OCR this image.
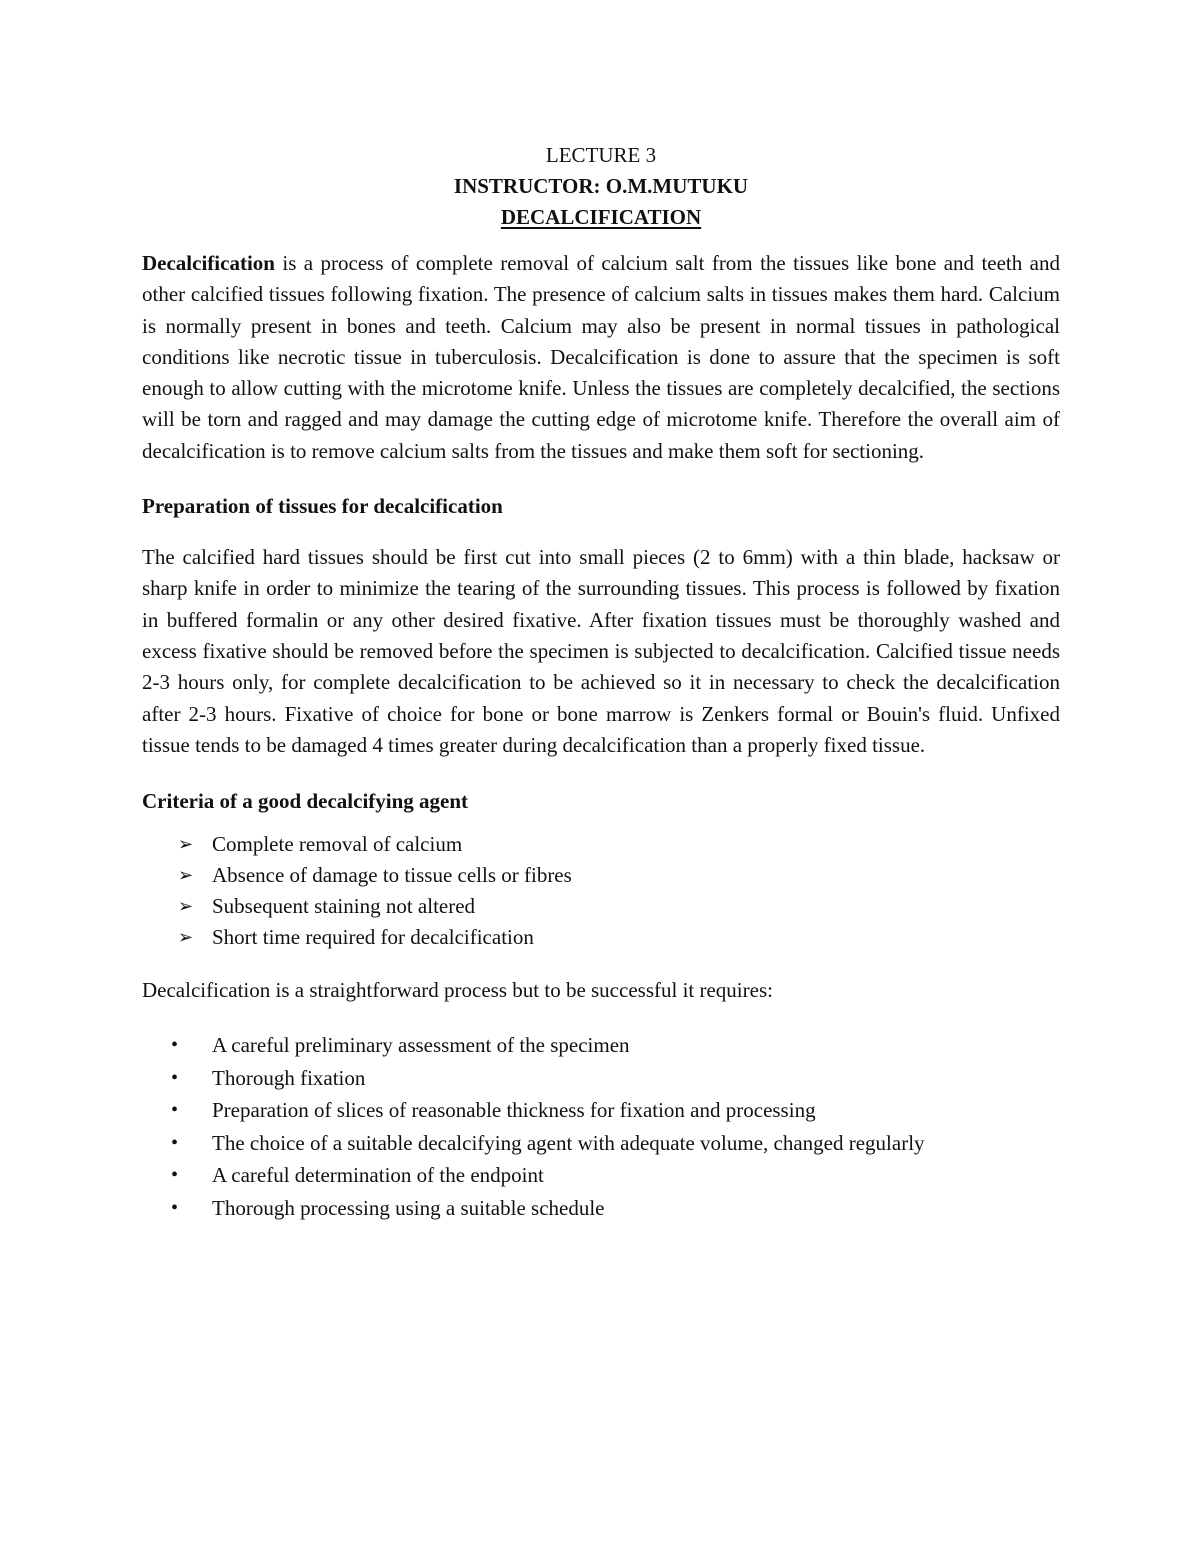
LECTURE 3
INSTRUCTOR: O.M.MUTUKU
DECALCIFICATION

Decalcification is a process of complete removal of calcium salt from the tissues like bone and teeth and other calcified tissues following fixation. The presence of calcium salts in tissues makes them hard. Calcium is normally present in bones and teeth. Calcium may also be present in normal tissues in pathological conditions like necrotic tissue in tuberculosis. Decalcification is done to assure that the specimen is soft enough to allow cutting with the microtome knife. Unless the tissues are completely decalcified, the sections will be torn and ragged and may damage the cutting edge of microtome knife. Therefore the overall aim of decalcification is to remove calcium salts from the tissues and make them soft for sectioning.

Preparation of tissues for decalcification

The calcified hard tissues should be first cut into small pieces (2 to 6mm) with a thin blade, hacksaw or sharp knife in order to minimize the tearing of the surrounding tissues. This process is followed by fixation in buffered formalin or any other desired fixative. After fixation tissues must be thoroughly washed and excess fixative should be removed before the specimen is subjected to decalcification. Calcified tissue needs 2-3 hours only, for complete decalcification to be achieved so it in necessary to check the decalcification after 2-3 hours. Fixative of choice for bone or bone marrow is Zenkers formal or Bouin's fluid. Unfixed tissue tends to be damaged 4 times greater during decalcification than a properly fixed tissue.

Criteria of a good decalcifying agent
➢ Complete removal of calcium
➢ Absence of damage to tissue cells or fibres
➢ Subsequent staining not altered
➢ Short time required for decalcification

Decalcification is a straightforward process but to be successful it requires:

• A careful preliminary assessment of the specimen
• Thorough fixation
• Preparation of slices of reasonable thickness for fixation and processing
• The choice of a suitable decalcifying agent with adequate volume, changed regularly
• A careful determination of the endpoint
• Thorough processing using a suitable schedule
